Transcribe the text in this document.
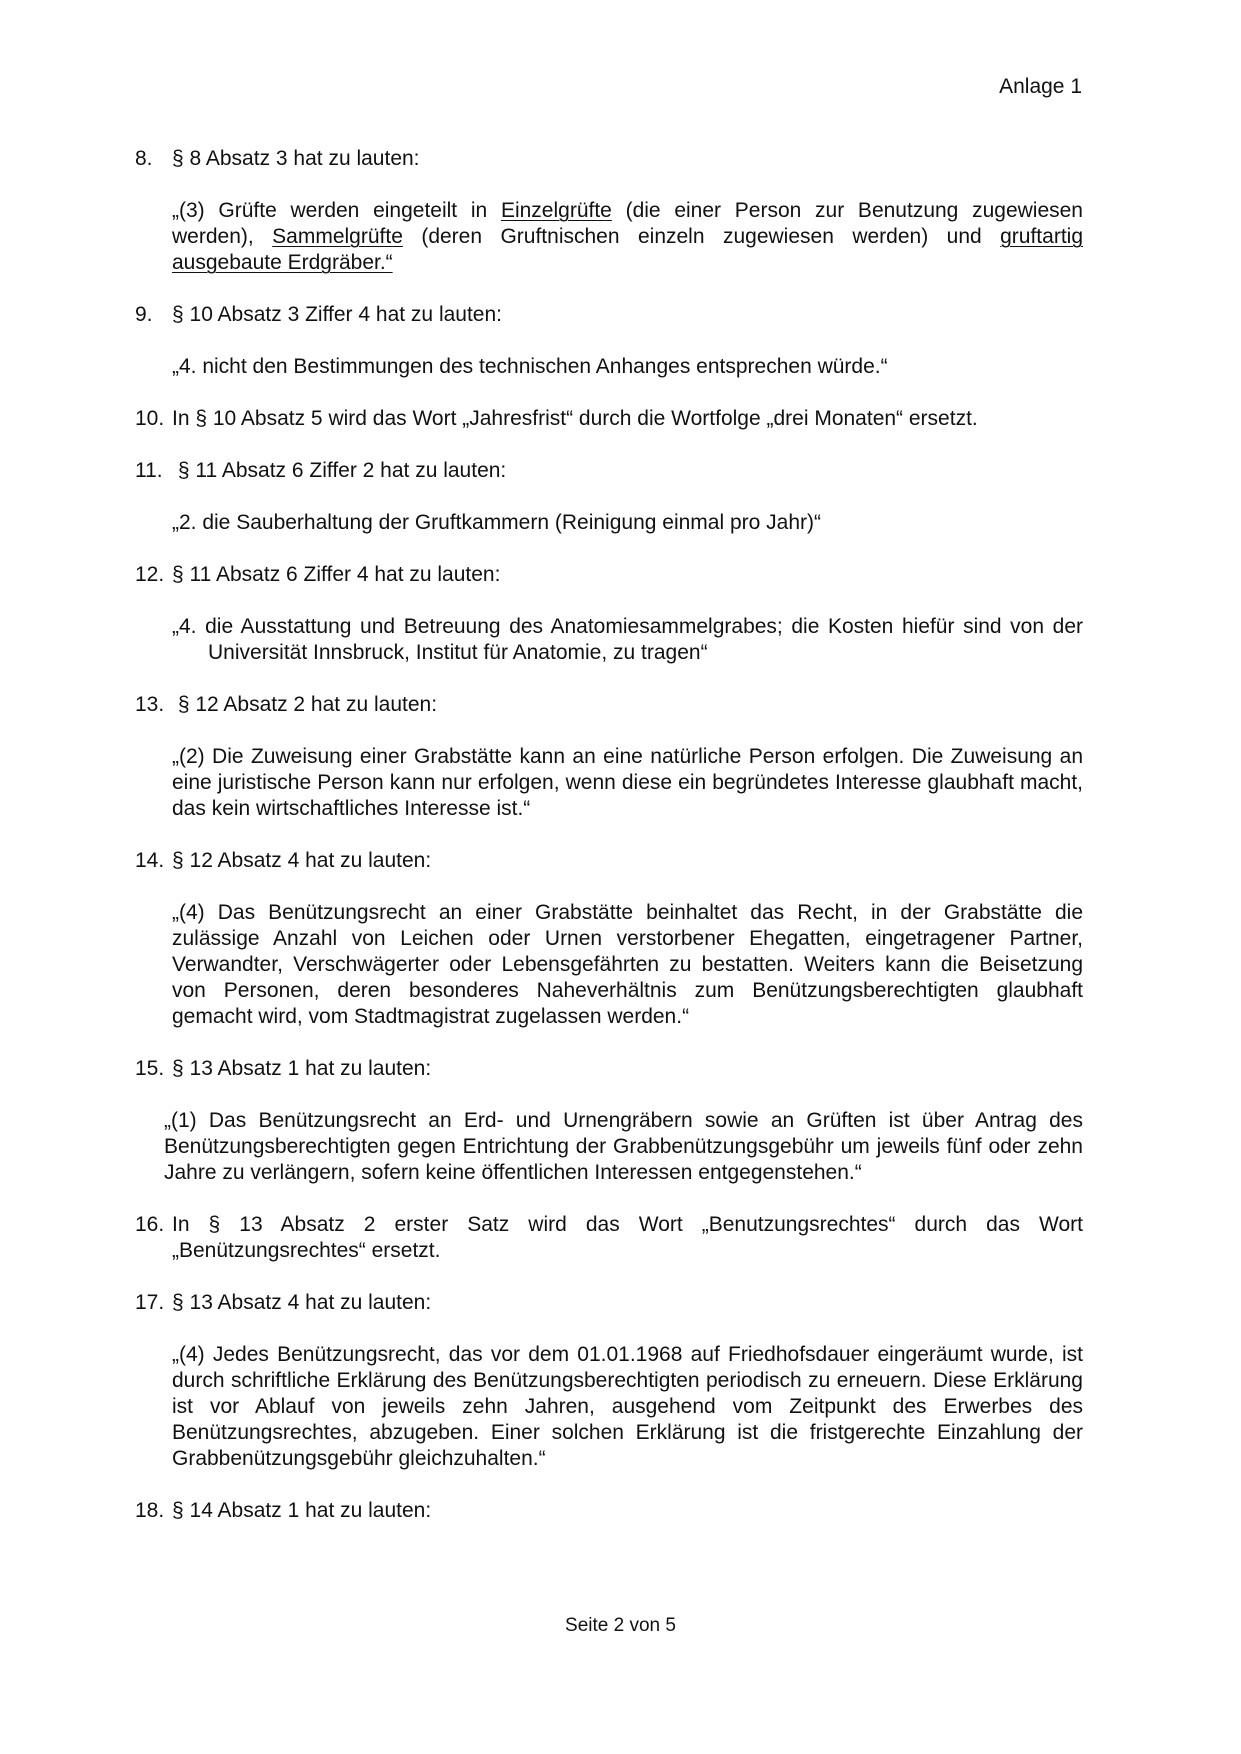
Anlage 1
8. § 8 Absatz 3 hat zu lauten:
„(3) Grüfte werden eingeteilt in Einzelgrüfte (die einer Person zur Benutzung zugewiesen werden), Sammelgrüfte (deren Gruftnischen einzeln zugewiesen werden) und gruftartig ausgebaute Erdgräber.“
9. § 10 Absatz 3 Ziffer 4 hat zu lauten:
„4. nicht den Bestimmungen des technischen Anhanges entsprechen würde.“
10. In § 10 Absatz 5 wird das Wort „Jahresfrist“ durch die Wortfolge „drei Monaten“ ersetzt.
11. § 11 Absatz 6 Ziffer 2 hat zu lauten:
„2. die Sauberhaltung der Gruftkammern (Reinigung einmal pro Jahr)“
12. § 11 Absatz 6 Ziffer 4 hat zu lauten:
„4. die Ausstattung und Betreuung des Anatomiesammelgrabes; die Kosten hiefür sind von der Universität Innsbruck, Institut für Anatomie, zu tragen“
13. § 12 Absatz 2 hat zu lauten:
„(2) Die Zuweisung einer Grabstätte kann an eine natürliche Person erfolgen. Die Zuweisung an eine juristische Person kann nur erfolgen, wenn diese ein begründetes Interesse glaubhaft macht, das kein wirtschaftliches Interesse ist.“
14. § 12 Absatz 4 hat zu lauten:
„(4) Das Benützungsrecht an einer Grabstätte beinhaltet das Recht, in der Grabstätte die zulässige Anzahl von Leichen oder Urnen verstorbener Ehegatten, eingetragener Partner, Verwandter, Verschwägerter oder Lebensgefährten zu bestatten. Weiters kann die Beisetzung von Personen, deren besonderes Naheverhältnis zum Benützungsberechtigten glaubhaft gemacht wird, vom Stadtmagistrat zugelassen werden.“
15. § 13 Absatz 1 hat zu lauten:
„(1) Das Benützungsrecht an Erd- und Urnengräbern sowie an Grüften ist über Antrag des Benützungsberechtigten gegen Entrichtung der Grabbenützungsgebühr um jeweils fünf oder zehn Jahre zu verlängern, sofern keine öffentlichen Interessen entgegenstehen.“
16. In § 13 Absatz 2 erster Satz wird das Wort „Benutzungsrechtes“ durch das Wort „Benützungsrechtes“ ersetzt.
17. § 13 Absatz 4 hat zu lauten:
„(4) Jedes Benützungsrecht, das vor dem 01.01.1968 auf Friedhofsdauer eingeräumt wurde, ist durch schriftliche Erklärung des Benützungsberechtigten periodisch zu erneuern. Diese Erklärung ist vor Ablauf von jeweils zehn Jahren, ausgehend vom Zeitpunkt des Erwerbes des Benützungsrechtes, abzugeben. Einer solchen Erklärung ist die fristgerechte Einzahlung der Grabbenützungsgebühr gleichzuhalten.“
18. § 14 Absatz 1 hat zu lauten:
Seite 2 von 5
